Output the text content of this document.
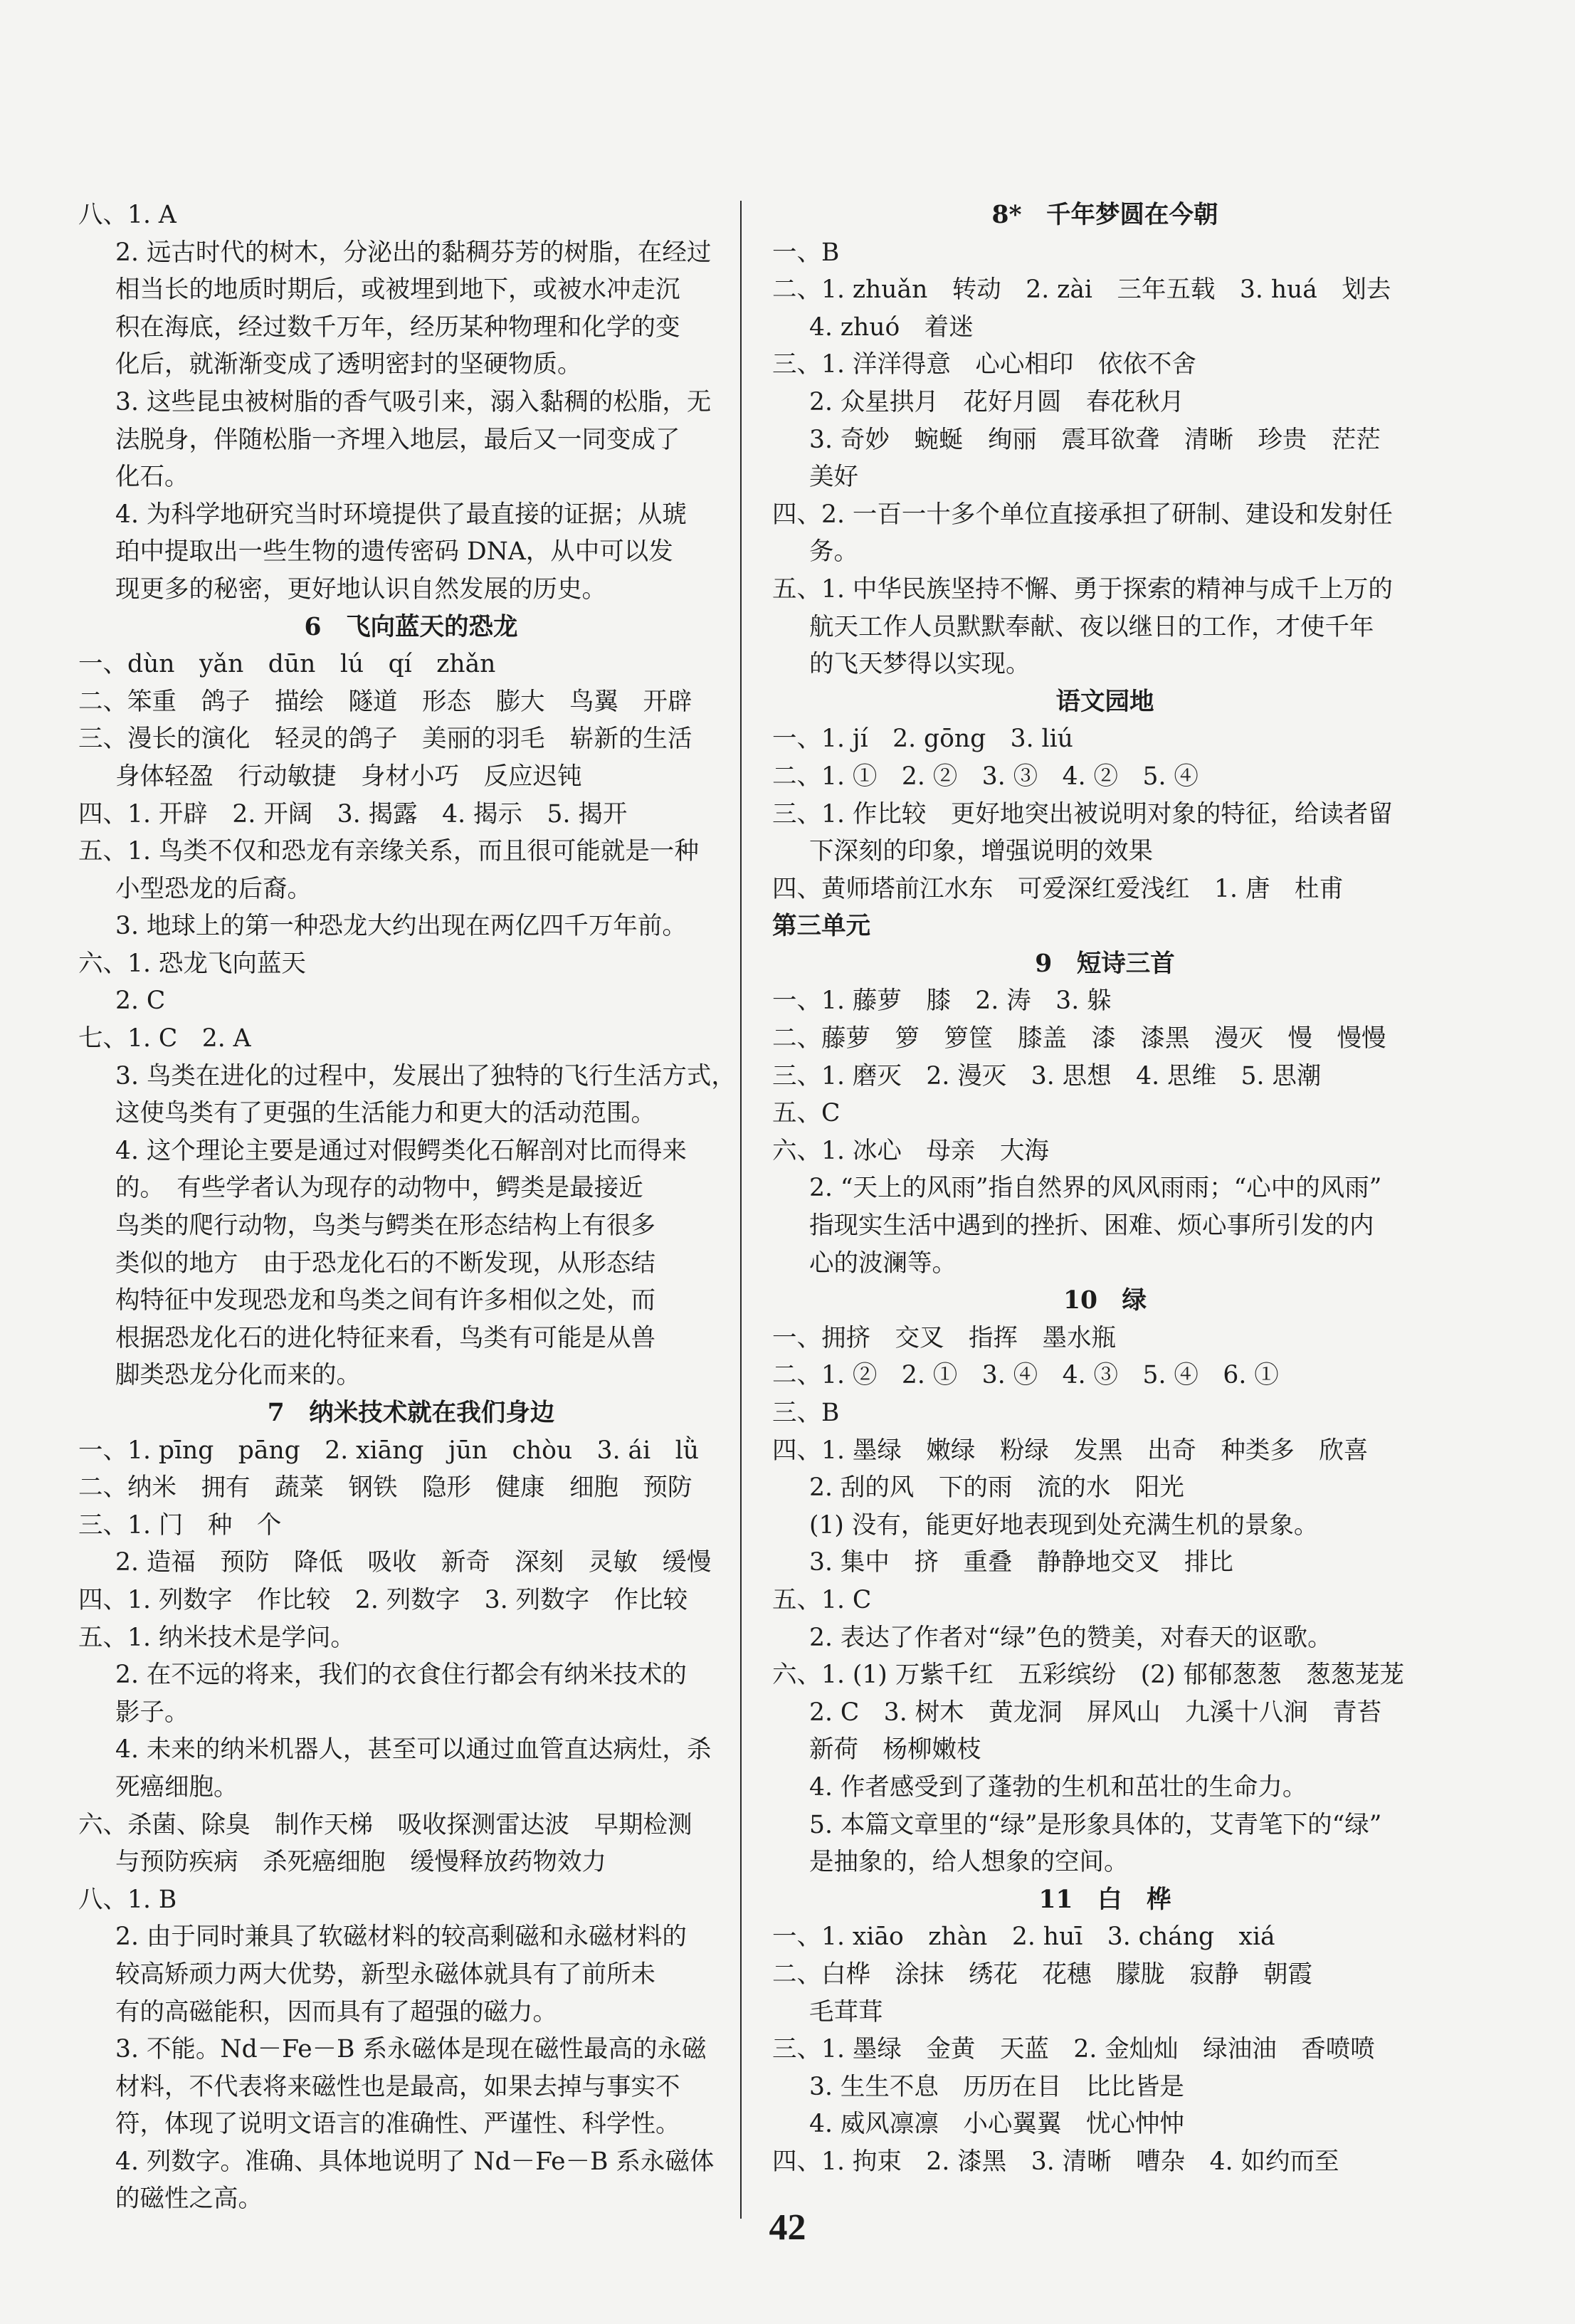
八、1. A
2. 远古时代的树木，分泌出的黏稠芬芳的树脂，在经过
相当长的地质时期后，或被埋到地下，或被水冲走沉
积在海底，经过数千万年，经历某种物理和化学的变
化后，就渐渐变成了透明密封的坚硬物质。
3. 这些昆虫被树脂的香气吸引来，溺入黏稠的松脂，无
法脱身，伴随松脂一齐埋入地层，最后又一同变成了
化石。
4. 为科学地研究当时环境提供了最直接的证据；从琥
珀中提取出一些生物的遗传密码 DNA，从中可以发
现更多的秘密，更好地认识自然发展的历史。
6　飞向蓝天的恐龙
一、dùn　yǎn　dūn　lú　qí　zhǎn
二、笨重　鸽子　描绘　隧道　形态　膨大　鸟翼　开辟
三、漫长的演化　轻灵的鸽子　美丽的羽毛　崭新的生活
身体轻盈　行动敏捷　身材小巧　反应迟钝
四、1. 开辟　2. 开阔　3. 揭露　4. 揭示　5. 揭开
五、1. 鸟类不仅和恐龙有亲缘关系，而且很可能就是一种
小型恐龙的后裔。
3. 地球上的第一种恐龙大约出现在两亿四千万年前。
六、1. 恐龙飞向蓝天
2. C
七、1. C　2. A
3. 鸟类在进化的过程中，发展出了独特的飞行生活方式，
这使鸟类有了更强的生活能力和更大的活动范围。
4. 这个理论主要是通过对假鳄类化石解剖对比而得来
的。　有些学者认为现存的动物中，鳄类是最接近
鸟类的爬行动物，鸟类与鳄类在形态结构上有很多
类似的地方　由于恐龙化石的不断发现，从形态结
构特征中发现恐龙和鸟类之间有许多相似之处，而
根据恐龙化石的进化特征来看，鸟类有可能是从兽
脚类恐龙分化而来的。
7　纳米技术就在我们身边
一、1. pīng　pāng　2. xiāng　jūn　chòu　3. ái　lǜ
二、纳米　拥有　蔬菜　钢铁　隐形　健康　细胞　预防
三、1. 门　种　个
2. 造福　预防　降低　吸收　新奇　深刻　灵敏　缓慢
四、1. 列数字　作比较　2. 列数字　3. 列数字　作比较
五、1. 纳米技术是学问。
2. 在不远的将来，我们的衣食住行都会有纳米技术的
影子。
4. 未来的纳米机器人，甚至可以通过血管直达病灶，杀
死癌细胞。
六、杀菌、除臭　制作天梯　吸收探测雷达波　早期检测
与预防疾病　杀死癌细胞　缓慢释放药物效力
八、1. B
2. 由于同时兼具了软磁材料的较高剩磁和永磁材料的
较高矫顽力两大优势，新型永磁体就具有了前所未
有的高磁能积，因而具有了超强的磁力。
3. 不能。Nd－Fe－B 系永磁体是现在磁性最高的永磁
材料，不代表将来磁性也是最高，如果去掉与事实不
符，体现了说明文语言的准确性、严谨性、科学性。
4. 列数字。准确、具体地说明了 Nd－Fe－B 系永磁体
的磁性之高。
8*　千年梦圆在今朝
一、B
二、1. zhuǎn　转动　2. zài　三年五载　3. huá　划去
4. zhuó　着迷
三、1. 洋洋得意　心心相印　依依不舍
2. 众星拱月　花好月圆　春花秋月
3. 奇妙　蜿蜒　绚丽　震耳欲聋　清晰　珍贵　茫茫
美好
四、2. 一百一十多个单位直接承担了研制、建设和发射任
务。
五、1. 中华民族坚持不懈、勇于探索的精神与成千上万的
航天工作人员默默奉献、夜以继日的工作，才使千年
的飞天梦得以实现。
语文园地
一、1. jí　2. gōng　3. liú
二、1. ①　2. ②　3. ③　4. ②　5. ④
三、1. 作比较　更好地突出被说明对象的特征，给读者留
下深刻的印象，增强说明的效果
四、黄师塔前江水东　可爱深红爱浅红　1. 唐　杜甫
第三单元
9　短诗三首
一、1. 藤萝　膝　2. 涛　3. 躲
二、藤萝　箩　箩筐　膝盖　漆　漆黑　漫灭　慢　慢慢
三、1. 磨灭　2. 漫灭　3. 思想　4. 思维　5. 思潮
五、C
六、1. 冰心　母亲　大海
2. “天上的风雨”指自然界的风风雨雨；“心中的风雨”
指现实生活中遇到的挫折、困难、烦心事所引发的内
心的波澜等。
10　绿
一、拥挤　交叉　指挥　墨水瓶
二、1. ②　2. ①　3. ④　4. ③　5. ④　6. ①
三、B
四、1. 墨绿　嫩绿　粉绿　发黑　出奇　种类多　欣喜
2. 刮的风　下的雨　流的水　阳光
(1) 没有，能更好地表现到处充满生机的景象。
3. 集中　挤　重叠　静静地交叉　排比
五、1. C
2. 表达了作者对“绿”色的赞美，对春天的讴歌。
六、1. (1) 万紫千红　五彩缤纷　(2) 郁郁葱葱　葱葱茏茏
2. C　3. 树木　黄龙洞　屏风山　九溪十八涧　青苔
新荷　杨柳嫩枝
4. 作者感受到了蓬勃的生机和茁壮的生命力。
5. 本篇文章里的“绿”是形象具体的，艾青笔下的“绿”
是抽象的，给人想象的空间。
11　白　桦
一、1. xiāo　zhàn　2. huī　3. cháng　xiá
二、白桦　涂抹　绣花　花穗　朦胧　寂静　朝霞
毛茸茸
三、1. 墨绿　金黄　天蓝　2. 金灿灿　绿油油　香喷喷
3. 生生不息　历历在目　比比皆是
4. 威风凛凛　小心翼翼　忧心忡忡
四、1. 拘束　2. 漆黑　3. 清晰　嘈杂　4. 如约而至
42
